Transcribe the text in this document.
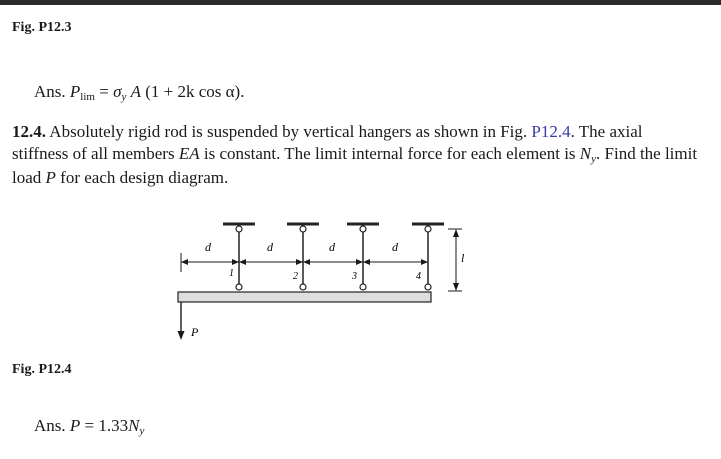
Fig. P12.3

Ans. Plim = σy A (1 + 2k cos α).

12.4. Absolutely rigid rod is suspended by vertical hangers as shown in Fig. P12.4. The axial stiffness of all members EA is constant. The limit internal force for each element is Ny. Find the limit load P for each design diagram.
d	d	d	d
l
P
1	2	3	4

Fig. P12.4

Ans. P = 1.33Ny
